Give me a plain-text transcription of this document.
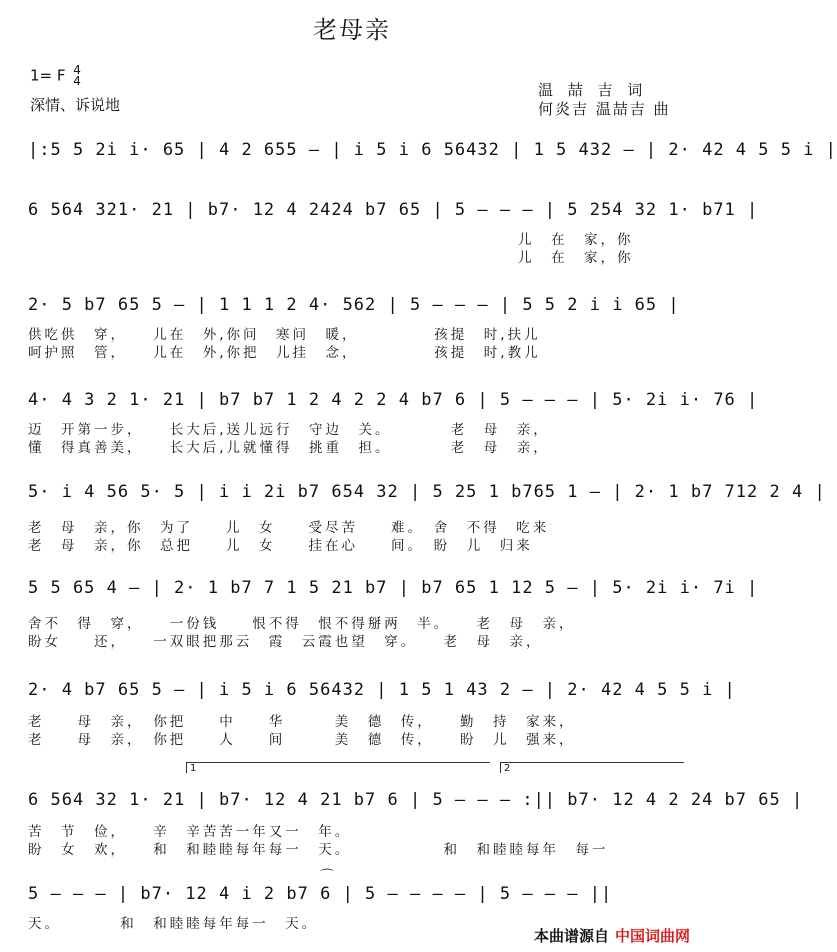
老母亲
1= F 4
4
深情、诉说地
温 喆 吉 词
何炎吉 温喆吉 曲
|:5 5 2i i· 65 | 4 2 655 — | i 5 i 6 56432 | 1 5 432 — | 2· 42 4 5 5 i |
6 564 321· 21 | b7· 12 4 2424 b7 65 | 5 — — — | 5 254 32 1· b71 |
儿　在　家，你
儿　在　家，你
2· 5 b7 65 5 — | 1 1 1 2 4· 562 | 5 — — — | 5 5 2 i i 65 |
供吃供　穿，　　儿在　外,你问　寒问　暖，　　　　　孩提　时,扶儿
呵护照　管，　　儿在　外,你把　儿挂　念，　　　　　孩提　时,教儿
4· 4 3 2 1· 21 | b7 b7 1 2 4 2 2 4 b7 6 | 5 — — — | 5· 2i i· 76 |
迈　开第一步，　　长大后,送儿远行　守边　关。　　　　老　母　亲，
懂　得真善美，　　长大后,儿就懂得　挑重　担。　　　　老　母　亲，
5· i 4 56 5· 5 | i i 2i b7 654 32 | 5 25 1 b765 1 — | 2· 1 b7 712 2 4 |
老　母　亲，你　为了　　儿　女　　受尽苦　　难。　舍　不得　吃来
老　母　亲，你　总把　　儿　女　　挂在心　　间。　盼　儿　归来
5 5 65 4 — | 2· 1 b7 7 1 5 21 b7 | b7 65 1 12 5 — | 5· 2i i· 7i |
舍不　得　穿，　　一份钱　　恨不得　恨不得掰两　半。　　老　母　亲，
盼女　　还，　　一双眼把那云　霞　云霞也望　穿。　　老　母　亲，
2· 4 b7 65 5 — | i 5 i 6 56432 | 1 5 1 43 2 — | 2· 42 4 5 5 i |
老　　母　亲，　你把　　中　　华　　　美　德　传，　　勤　持　家来，
老　　母　亲，　你把　　人　　间　　　美　德　传，　　盼　儿　强来，
1	2
6 564 32 1· 21 | b7· 12 4 21 b7 6 | 5 — — — :|| b7· 12 4 2 24 b7 65 |
苦　节　俭，　　辛　辛苦苦一年又一　年。
盼　女　欢，　　和　和睦睦每年每一　天。　　　　　　和　和睦睦每年　每一
⌒
5 — — — | b7· 12 4 i 2 b7 6 | 5 — — — — | 5 — — — ||
天。　　　　和　和睦睦每年每一　天。
本曲谱源自 中国词曲网
